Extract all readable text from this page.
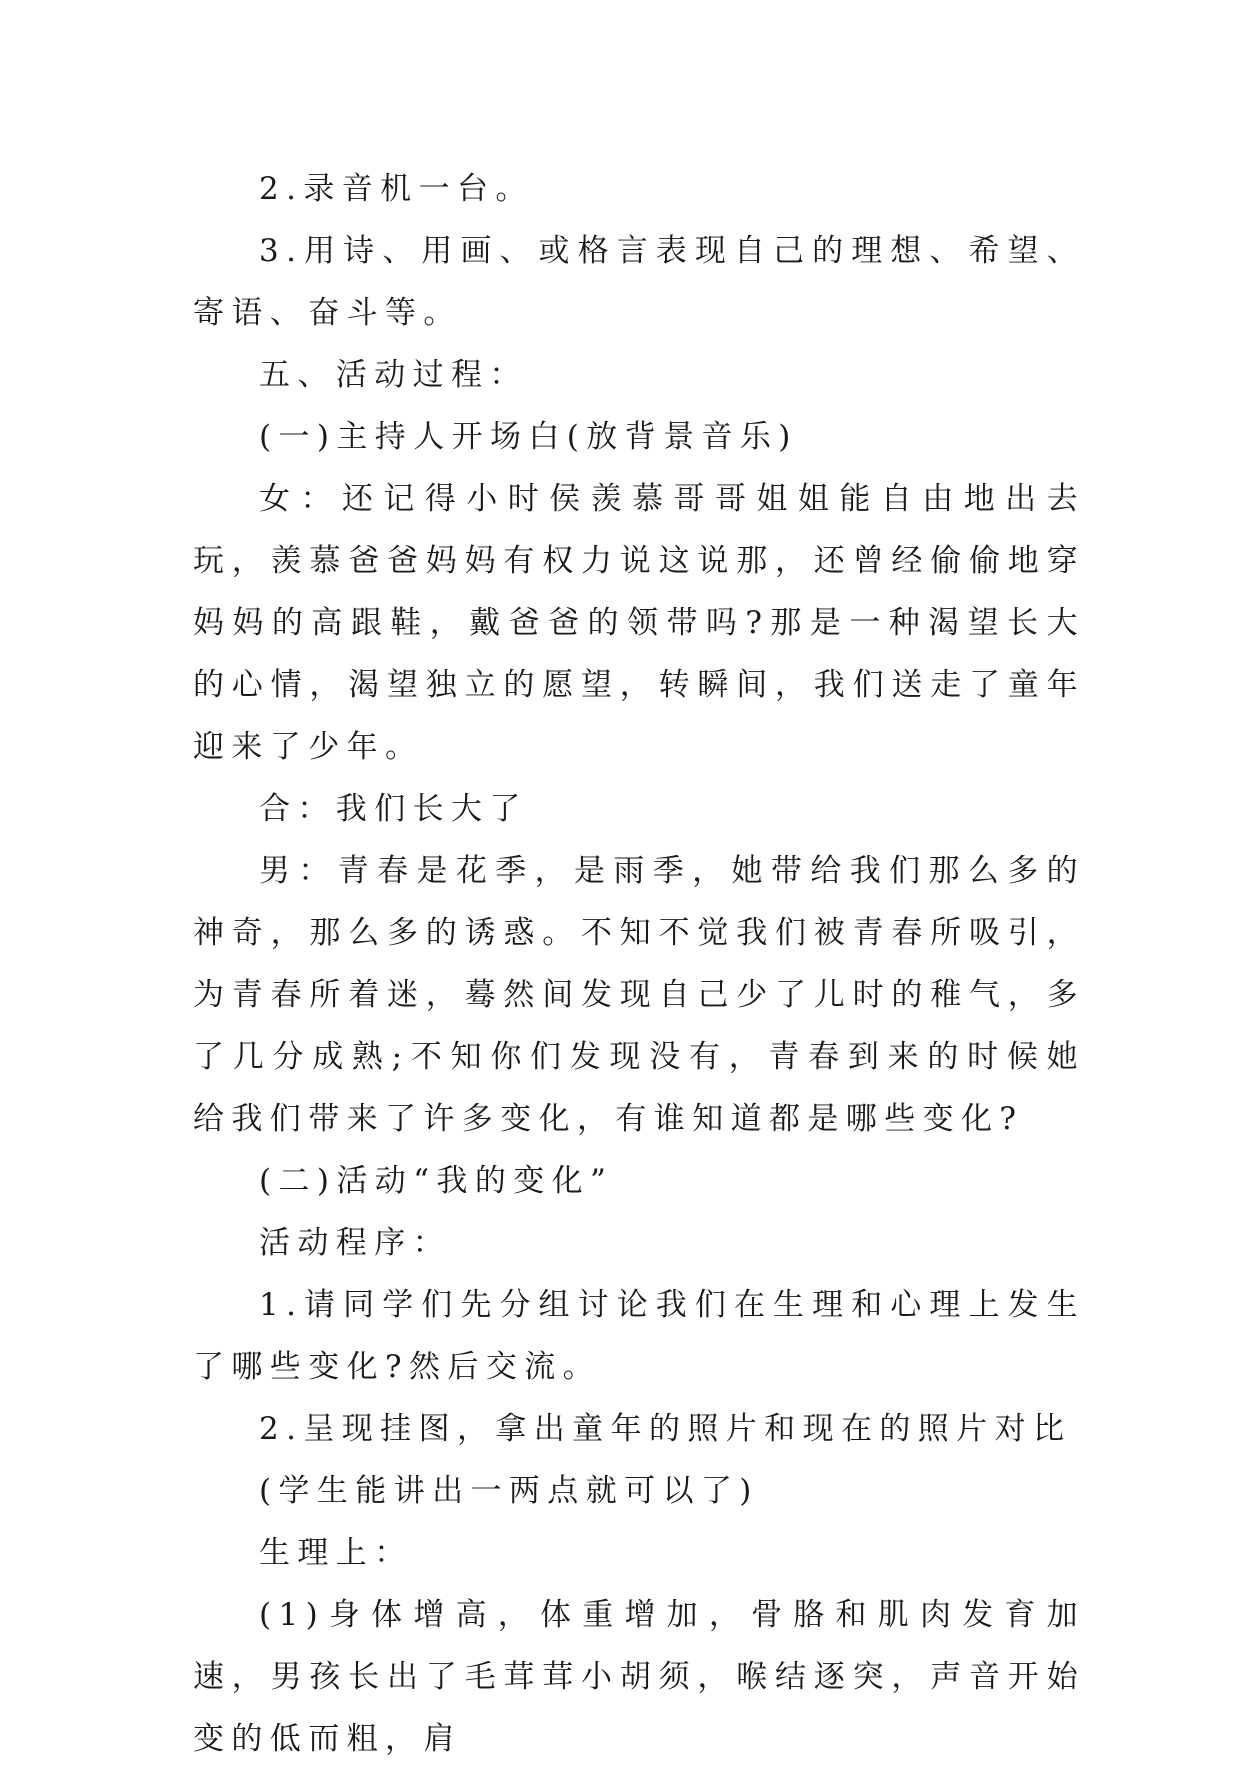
2.录音机一台。

3.用诗、用画、或格言表现自己的理想、希望、寄语、奋斗等。

五、活动过程：

(一)主持人开场白(放背景音乐)

女：还记得小时侯羡慕哥哥姐姐能自由地出去玩，羡慕爸爸妈妈有权力说这说那，还曾经偷偷地穿妈妈的高跟鞋，戴爸爸的领带吗?那是一种渴望长大的心情，渴望独立的愿望，转瞬间，我们送走了童年迎来了少年。

合：我们长大了

男：青春是花季，是雨季，她带给我们那么多的神奇，那么多的诱惑。不知不觉我们被青春所吸引，为青春所着迷，蓦然间发现自己少了儿时的稚气，多了几分成熟;不知你们发现没有，青春到来的时候她给我们带来了许多变化，有谁知道都是哪些变化?

(二)活动“我的变化”

活动程序：

1.请同学们先分组讨论我们在生理和心理上发生了哪些变化?然后交流。

2.呈现挂图，拿出童年的照片和现在的照片对比

(学生能讲出一两点就可以了)

生理上：

(1)身体增高，体重增加，骨胳和肌肉发育加速，男孩长出了毛茸茸小胡须，喉结逐突，声音开始变的低而粗，肩
